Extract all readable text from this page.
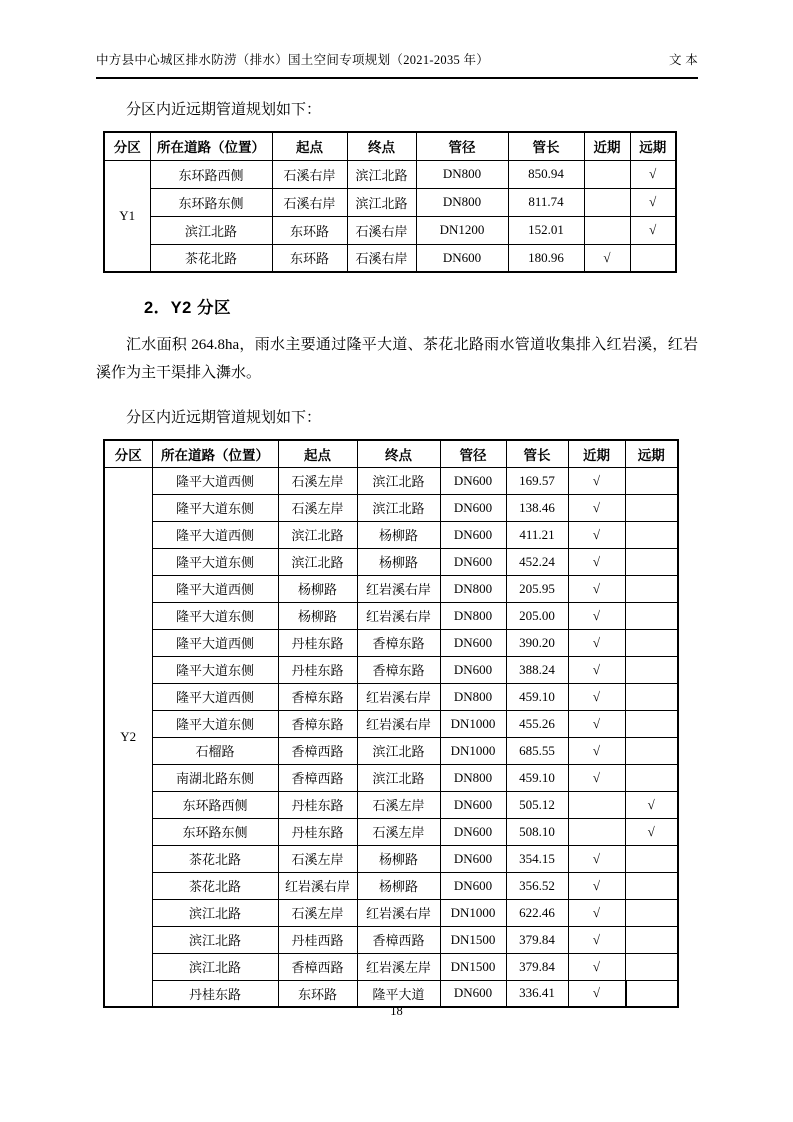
中方县中心城区排水防涝（排水）国土空间专项规划（2021-2035 年）	文 本

分区内近远期管道规划如下：

分区	所在道路（位置）	起点	终点	管径	管长	近期	远期
Y1	东环路西侧	石溪右岸	滨江北路	DN800	850.94		√
	东环路东侧	石溪右岸	滨江北路	DN800	811.74		√
	滨江北路	东环路	石溪右岸	DN1200	152.01		√
	茶花北路	东环路	石溪右岸	DN600	180.96	√	
2．Y2 分区

汇水面积 264.8ha，雨水主要通过隆平大道、茶花北路雨水管道收集排入红岩溪，红岩溪作为主干渠排入㵲水。

分区内近远期管道规划如下：

分区	所在道路（位置）	起点	终点	管径	管长	近期	远期
Y2	隆平大道西侧	石溪左岸	滨江北路	DN600	169.57	√	
	隆平大道东侧	石溪左岸	滨江北路	DN600	138.46	√	
	隆平大道西侧	滨江北路	杨柳路	DN600	411.21	√	
	隆平大道东侧	滨江北路	杨柳路	DN600	452.24	√	
	隆平大道西侧	杨柳路	红岩溪右岸	DN800	205.95	√	
	隆平大道东侧	杨柳路	红岩溪右岸	DN800	205.00	√	
	隆平大道西侧	丹桂东路	香樟东路	DN600	390.20	√	
	隆平大道东侧	丹桂东路	香樟东路	DN600	388.24	√	
	隆平大道西侧	香樟东路	红岩溪右岸	DN800	459.10	√	
	隆平大道东侧	香樟东路	红岩溪右岸	DN1000	455.26	√	
	石榴路	香樟西路	滨江北路	DN1000	685.55	√	
	南湖北路东侧	香樟西路	滨江北路	DN800	459.10	√	
	东环路西侧	丹桂东路	石溪左岸	DN600	505.12		√
	东环路东侧	丹桂东路	石溪左岸	DN600	508.10		√
	茶花北路	石溪左岸	杨柳路	DN600	354.15	√	
	茶花北路	红岩溪右岸	杨柳路	DN600	356.52	√	
	滨江北路	石溪左岸	红岩溪右岸	DN1000	622.46	√	
	滨江北路	丹桂西路	香樟西路	DN1500	379.84	√	
	滨江北路	香樟西路	红岩溪左岸	DN1500	379.84	√	
	丹桂东路	东环路	隆平大道	DN600	336.41	√	
18
